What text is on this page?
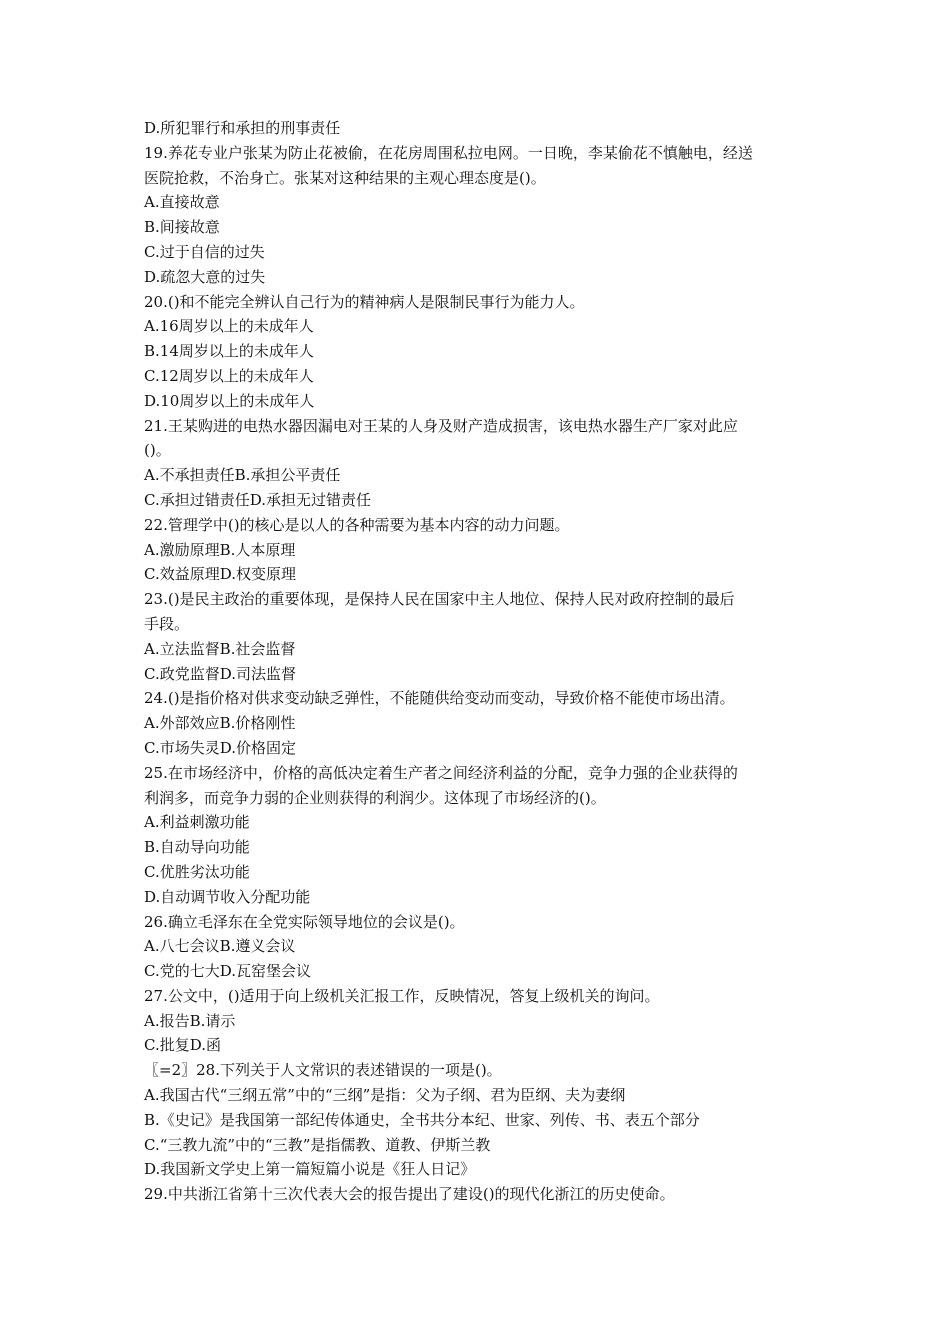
D.所犯罪行和承担的刑事责任

19.养花专业户张某为防止花被偷，在花房周围私拉电网。一日晚，李某偷花不慎触电，经送

医院抢救，不治身亡。张某对这种结果的主观心理态度是()。

A.直接故意

B.间接故意

C.过于自信的过失

D.疏忽大意的过失

20.()和不能完全辨认自己行为的精神病人是限制民事行为能力人。

A.16周岁以上的未成年人

B.14周岁以上的未成年人

C.12周岁以上的未成年人

D.10周岁以上的未成年人

21.王某购进的电热水器因漏电对王某的人身及财产造成损害，该电热水器生产厂家对此应

()。

A.不承担责任B.承担公平责任

C.承担过错责任D.承担无过错责任

22.管理学中()的核心是以人的各种需要为基本内容的动力问题。

A.激励原理B.人本原理

C.效益原理D.权变原理

23.()是民主政治的重要体现，是保持人民在国家中主人地位、保持人民对政府控制的最后

手段。

A.立法监督B.社会监督

C.政党监督D.司法监督

24.()是指价格对供求变动缺乏弹性，不能随供给变动而变动，导致价格不能使市场出清。

A.外部效应B.价格刚性

C.市场失灵D.价格固定

25.在市场经济中，价格的高低决定着生产者之间经济利益的分配，竞争力强的企业获得的

利润多，而竞争力弱的企业则获得的利润少。这体现了市场经济的()。

A.利益刺激功能

B.自动导向功能

C.优胜劣汰功能

D.自动调节收入分配功能

26.确立毛泽东在全党实际领导地位的会议是()。

A.八七会议B.遵义会议

C.党的七大D.瓦窑堡会议

27.公文中，()适用于向上级机关汇报工作，反映情况，答复上级机关的询问。

A.报告B.请示

C.批复D.函

〖=2〗28.下列关于人文常识的表述错误的一项是()。

A.我国古代“三纲五常”中的“三纲”是指：父为子纲、君为臣纲、夫为妻纲

B.《史记》是我国第一部纪传体通史，全书共分本纪、世家、列传、书、表五个部分

C.“三教九流”中的“三教”是指儒教、道教、伊斯兰教

D.我国新文学史上第一篇短篇小说是《狂人日记》

29.中共浙江省第十三次代表大会的报告提出了建设()的现代化浙江的历史使命。
